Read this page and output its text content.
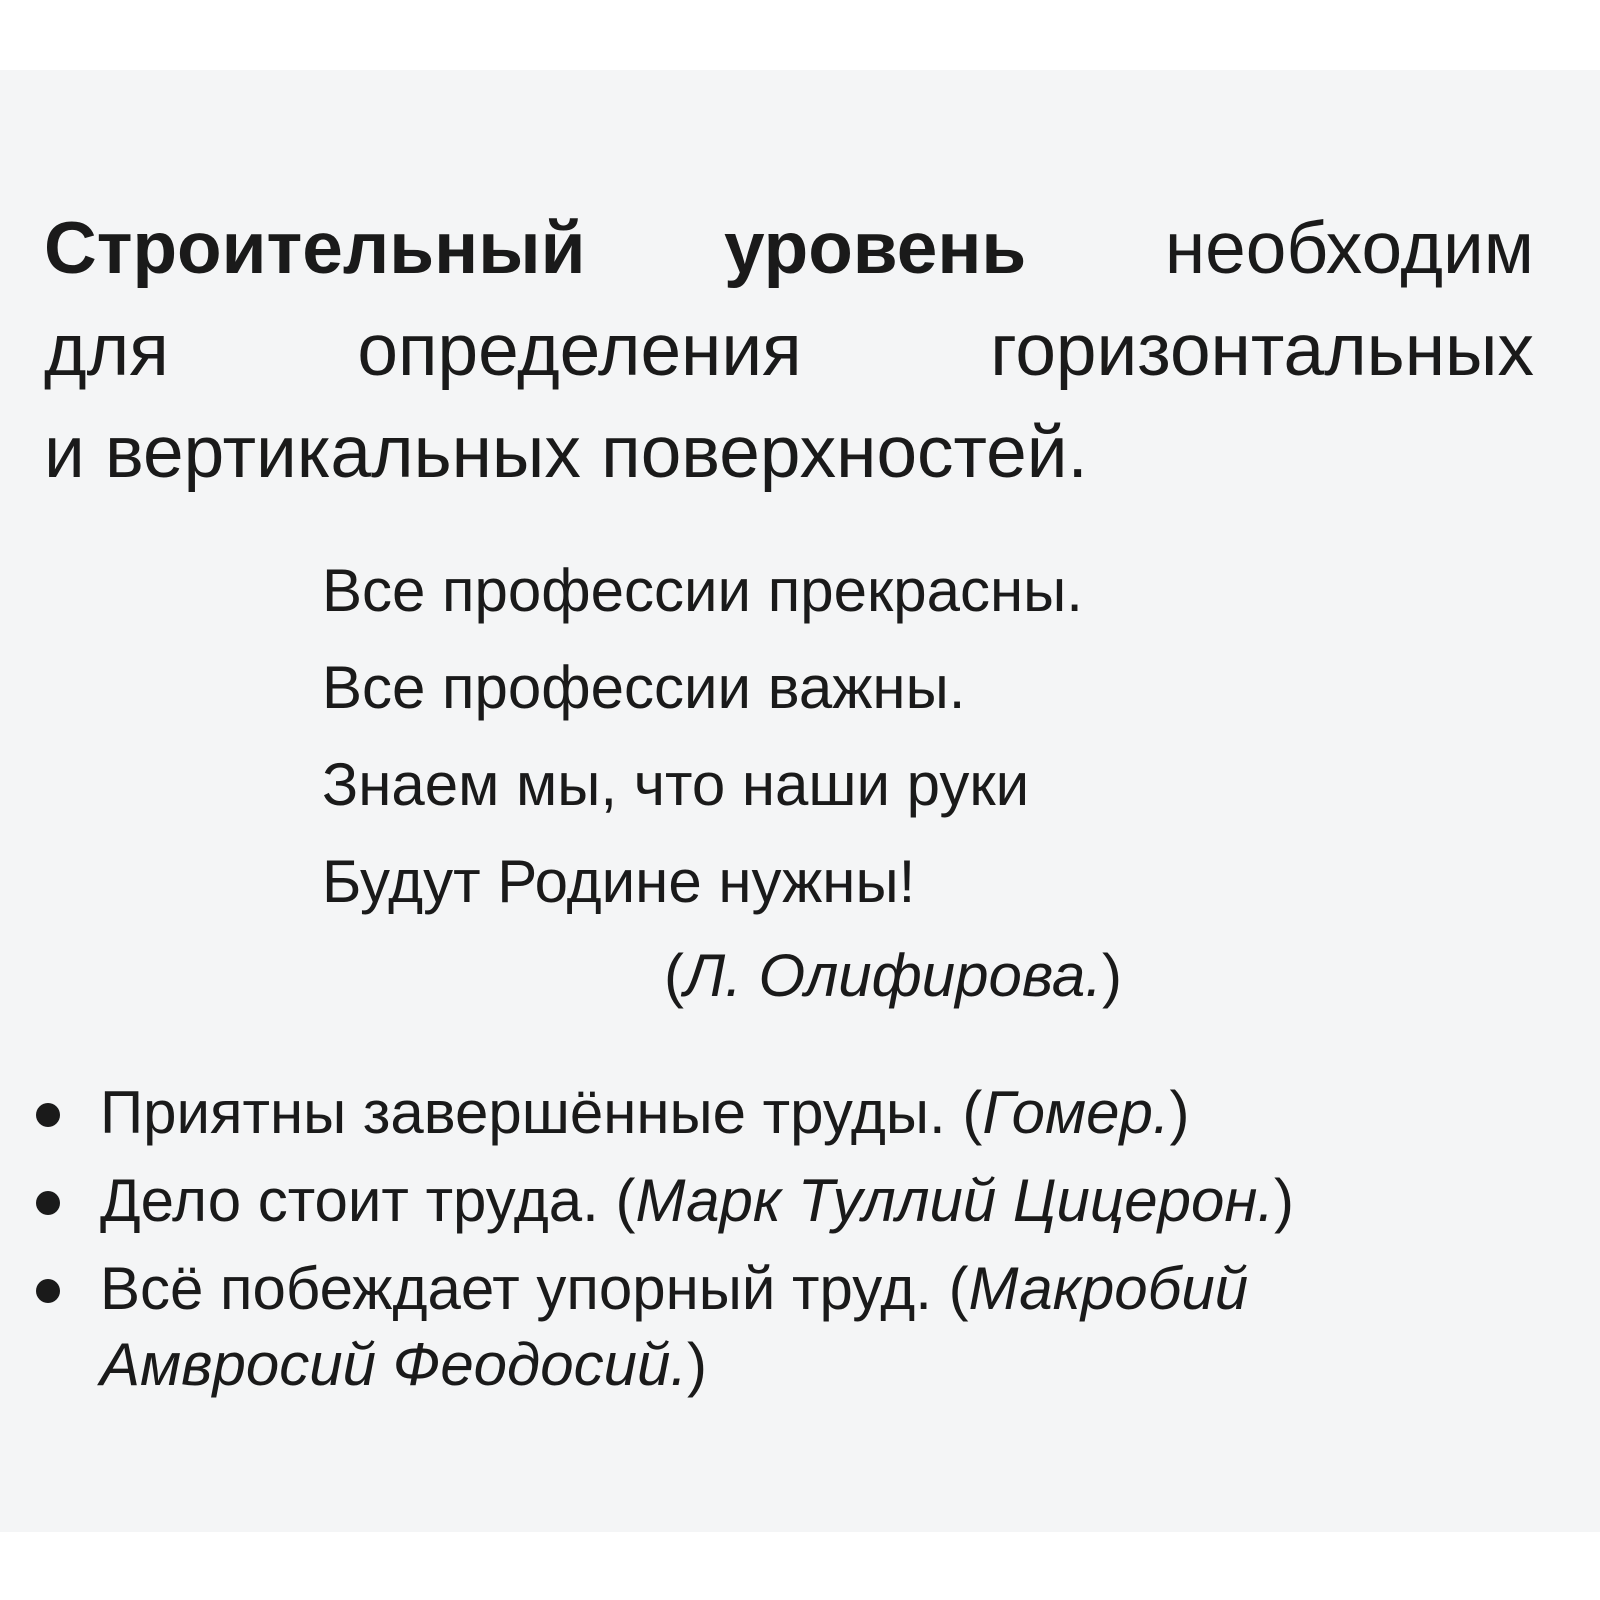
Строительный уровень необходим
для определения горизонтальных
и вертикальных поверхностей.
Все профессии прекрасны.
Все профессии важны.
Знаем мы, что наши руки
Будут Родине нужны!
(Л. Олифирова.)
Приятны завершённые труды. (Гомер.)
Дело стоит труда. (Марк Туллий Цицерон.)
Всё побеждает упорный труд. (Макробий Амвросий Феодосий.)
